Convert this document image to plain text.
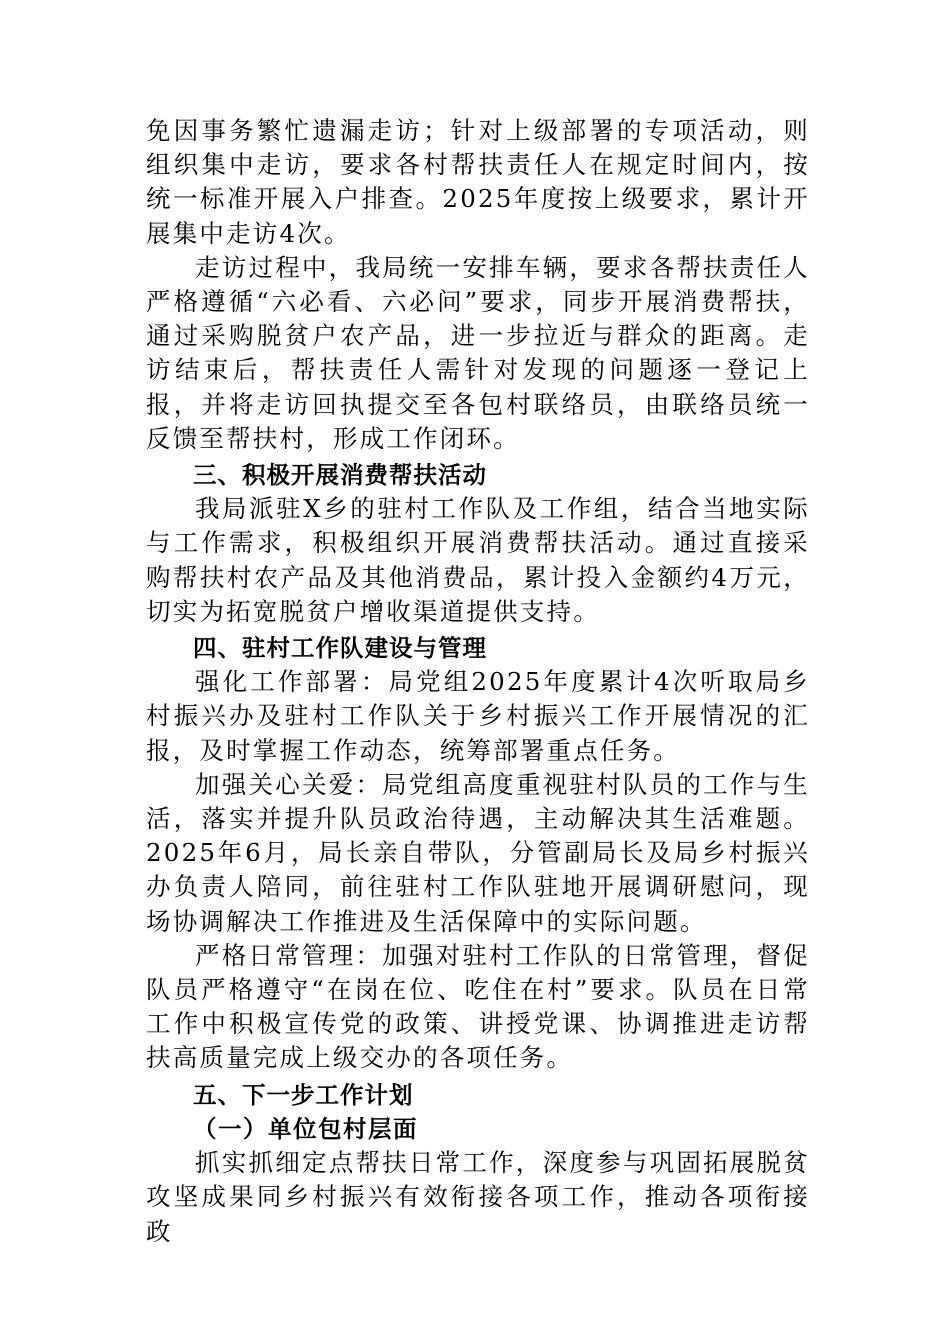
免因事务繁忙遗漏走访；针对上级部署的专项活动，则组织集中走访，要求各村帮扶责任人在规定时间内，按统一标准开展入户排查。2025年度按上级要求，累计开展集中走访4次。

走访过程中，我局统一安排车辆，要求各帮扶责任人严格遵循“六必看、六必问”要求，同步开展消费帮扶，通过采购脱贫户农产品，进一步拉近与群众的距离。走访结束后，帮扶责任人需针对发现的问题逐一登记上报，并将走访回执提交至各包村联络员，由联络员统一反馈至帮扶村，形成工作闭环。

三、积极开展消费帮扶活动

我局派驻X乡的驻村工作队及工作组，结合当地实际与工作需求，积极组织开展消费帮扶活动。通过直接采购帮扶村农产品及其他消费品，累计投入金额约4万元，切实为拓宽脱贫户增收渠道提供支持。

四、驻村工作队建设与管理

强化工作部署：局党组2025年度累计4次听取局乡村振兴办及驻村工作队关于乡村振兴工作开展情况的汇报，及时掌握工作动态，统筹部署重点任务。

加强关心关爱：局党组高度重视驻村队员的工作与生活，落实并提升队员政治待遇，主动解决其生活难题。2025年6月，局长亲自带队，分管副局长及局乡村振兴办负责人陪同，前往驻村工作队驻地开展调研慰问，现场协调解决工作推进及生活保障中的实际问题。

严格日常管理：加强对驻村工作队的日常管理，督促队员严格遵守“在岗在位、吃住在村”要求。队员在日常工作中积极宣传党的政策、讲授党课、协调推进走访帮扶高质量完成上级交办的各项任务。

五、下一步工作计划

（一）单位包村层面

抓实抓细定点帮扶日常工作，深度参与巩固拓展脱贫攻坚成果同乡村振兴有效衔接各项工作，推动各项衔接政
